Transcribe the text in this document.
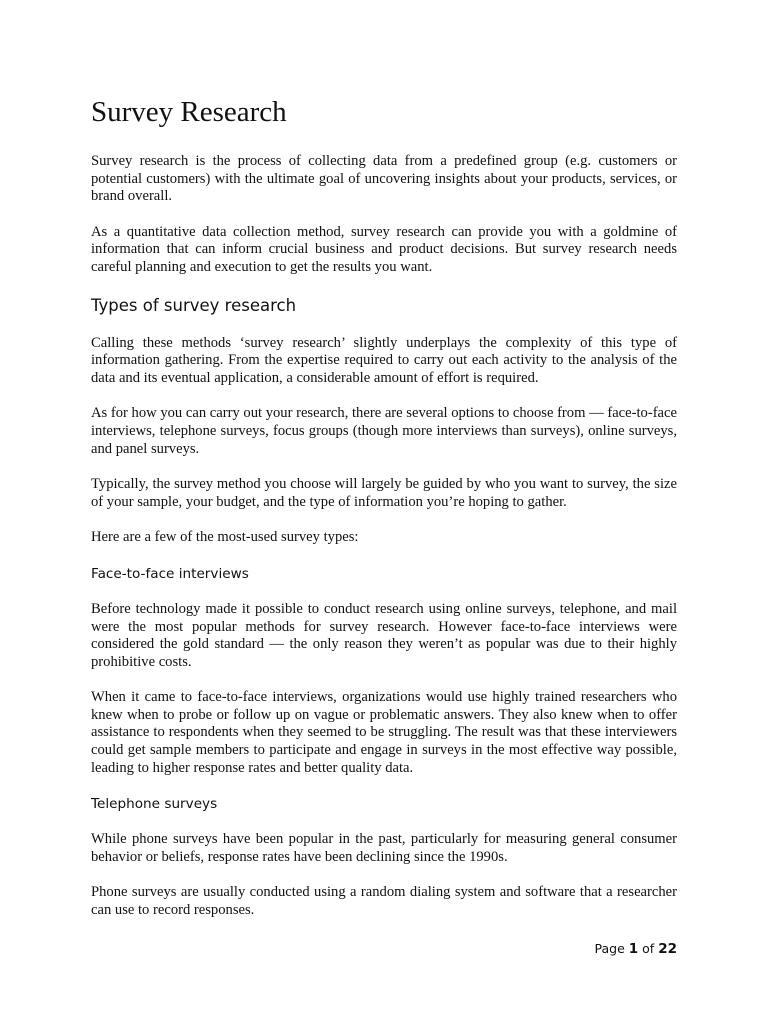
Survey Research

Survey research is the process of collecting data from a predefined group (e.g. customers or potential customers) with the ultimate goal of uncovering insights about your products, services, or brand overall.

As a quantitative data collection method, survey research can provide you with a goldmine of information that can inform crucial business and product decisions. But survey research needs careful planning and execution to get the results you want.

Types of survey research

Calling these methods ‘survey research’ slightly underplays the complexity of this type of information gathering. From the expertise required to carry out each activity to the analysis of the data and its eventual application, a considerable amount of effort is required.

As for how you can carry out your research, there are several options to choose from — face-to-face interviews, telephone surveys, focus groups (though more interviews than surveys), online surveys, and panel surveys.

Typically, the survey method you choose will largely be guided by who you want to survey, the size of your sample, your budget, and the type of information you’re hoping to gather.

Here are a few of the most-used survey types:

Face-to-face interviews

Before technology made it possible to conduct research using online surveys, telephone, and mail were the most popular methods for survey research. However face-to-face interviews were considered the gold standard — the only reason they weren’t as popular was due to their highly prohibitive costs.

When it came to face-to-face interviews, organizations would use highly trained researchers who knew when to probe or follow up on vague or problematic answers. They also knew when to offer assistance to respondents when they seemed to be struggling. The result was that these interviewers could get sample members to participate and engage in surveys in the most effective way possible, leading to higher response rates and better quality data.

Telephone surveys

While phone surveys have been popular in the past, particularly for measuring general consumer behavior or beliefs, response rates have been declining since the 1990s.

Phone surveys are usually conducted using a random dialing system and software that a researcher can use to record responses.

Page 1 of 22
